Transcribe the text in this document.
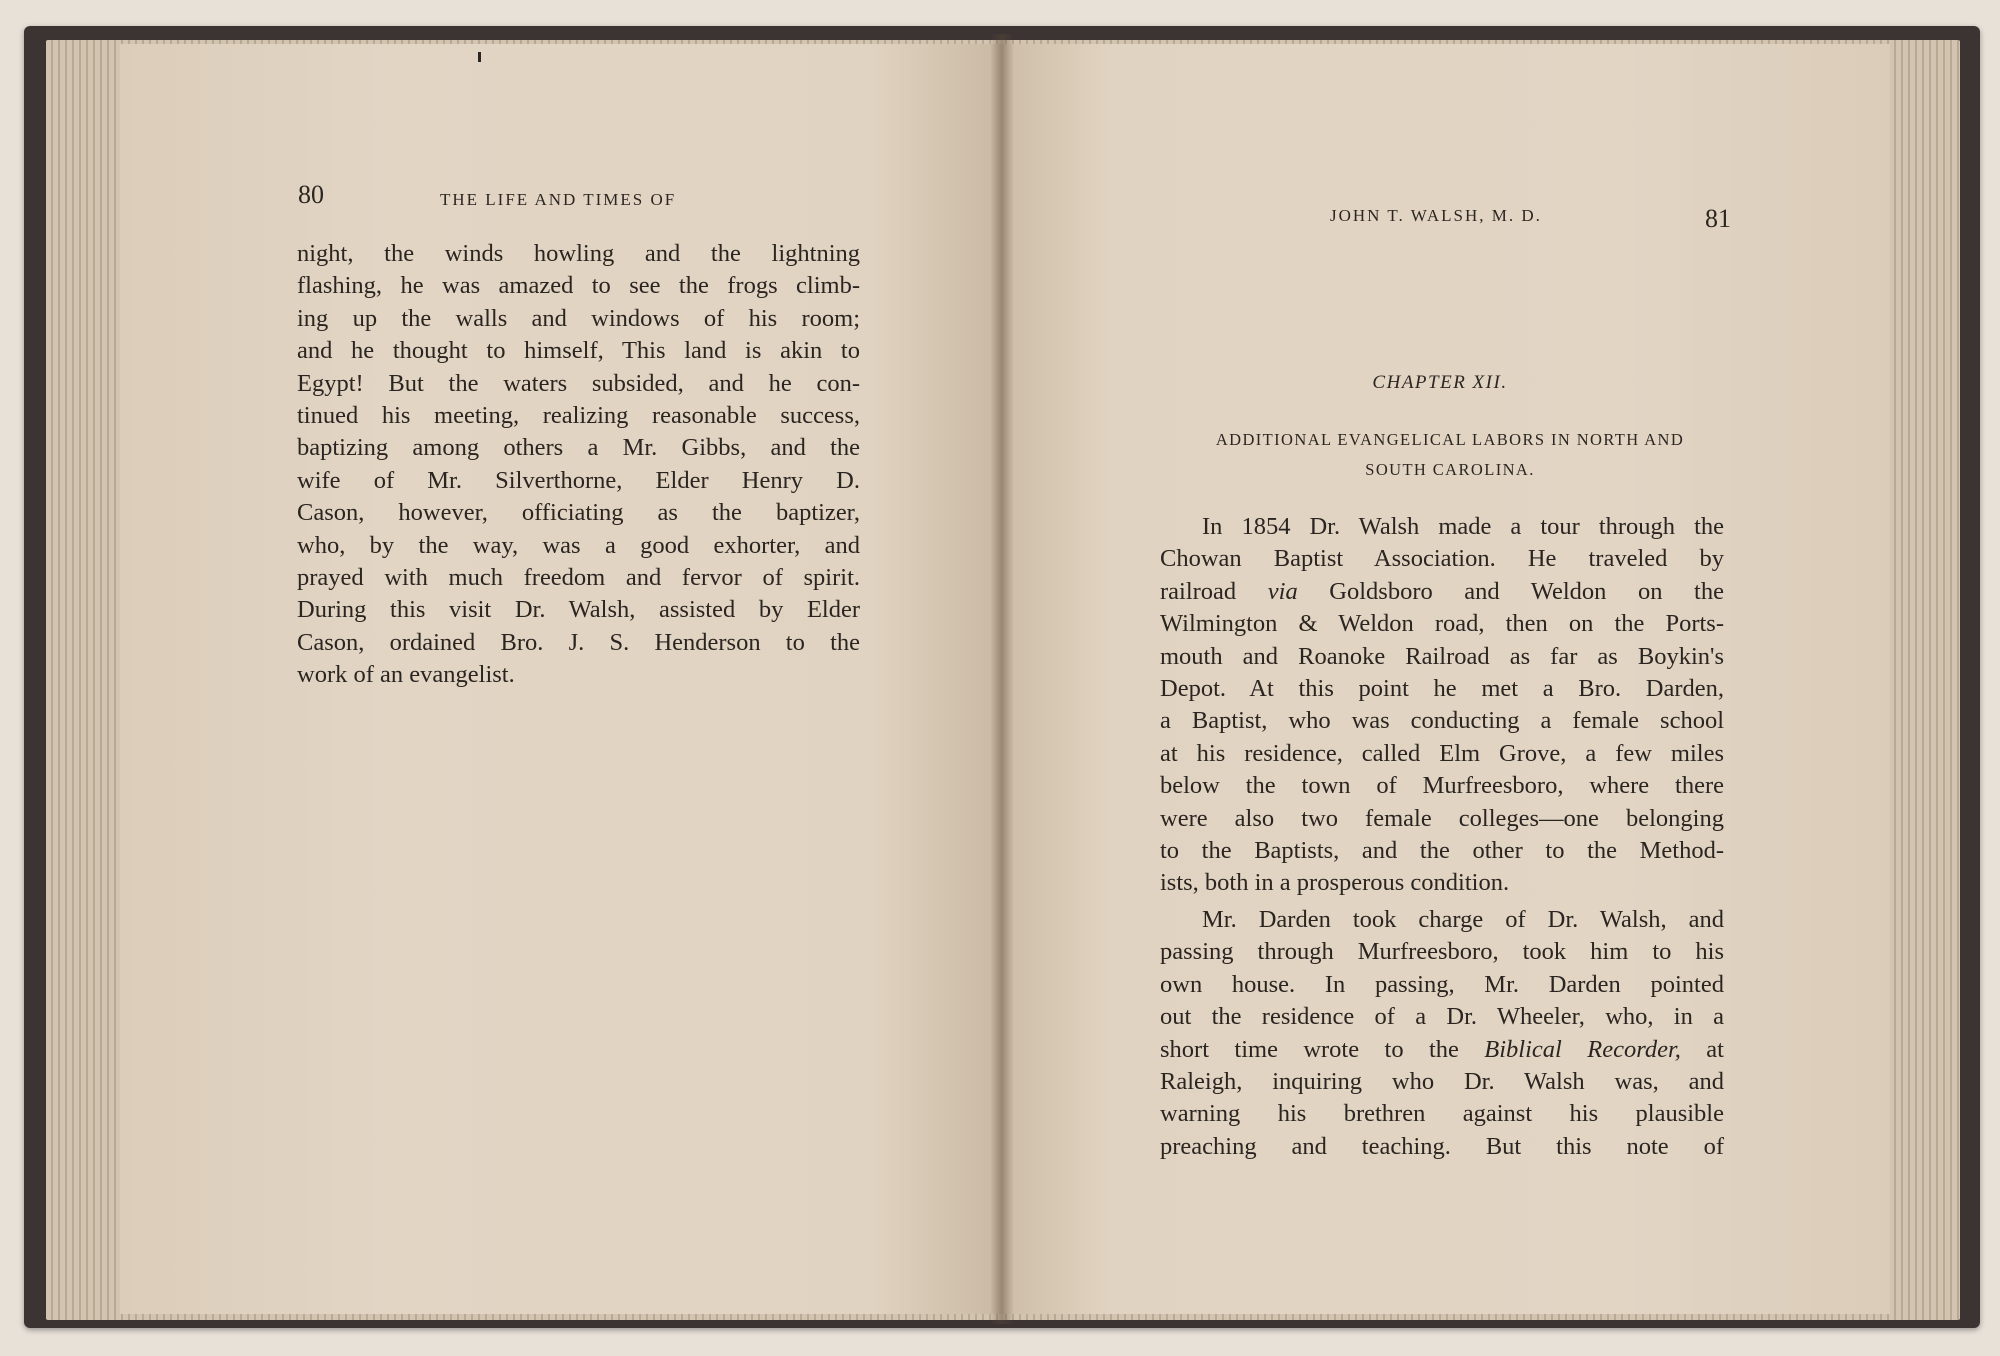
80	THE LIFE AND TIMES OF
night, the winds howling and the lightning
flashing, he was amazed to see the frogs climb-
ing up the walls and windows of his room;
and he thought to himself, This land is akin to
Egypt! But the waters subsided, and he con-
tinued his meeting, realizing reasonable success,
baptizing among others a Mr. Gibbs, and the
wife of Mr. Silverthorne, Elder Henry D.
Cason, however, officiating as the baptizer,
who, by the way, was a good exhorter, and
prayed with much freedom and fervor of spirit.
During this visit Dr. Walsh, assisted by Elder
Cason, ordained Bro. J. S. Henderson to the
work of an evangelist.
JOHN T. WALSH, M. D.	81
CHAPTER XII.
ADDITIONAL EVANGELICAL LABORS IN NORTH AND
SOUTH CAROLINA.
In 1854 Dr. Walsh made a tour through the
Chowan Baptist Association. He traveled by
railroad via Goldsboro and Weldon on the
Wilmington & Weldon road, then on the Ports-
mouth and Roanoke Railroad as far as Boykin's
Depot. At this point he met a Bro. Darden,
a Baptist, who was conducting a female school
at his residence, called Elm Grove, a few miles
below the town of Murfreesboro, where there
were also two female colleges—one belonging
to the Baptists, and the other to the Method-
ists, both in a prosperous condition.
Mr. Darden took charge of Dr. Walsh, and
passing through Murfreesboro, took him to his
own house. In passing, Mr. Darden pointed
out the residence of a Dr. Wheeler, who, in a
short time wrote to the Biblical Recorder, at
Raleigh, inquiring who Dr. Walsh was, and
warning his brethren against his plausible
preaching and teaching. But this note of
